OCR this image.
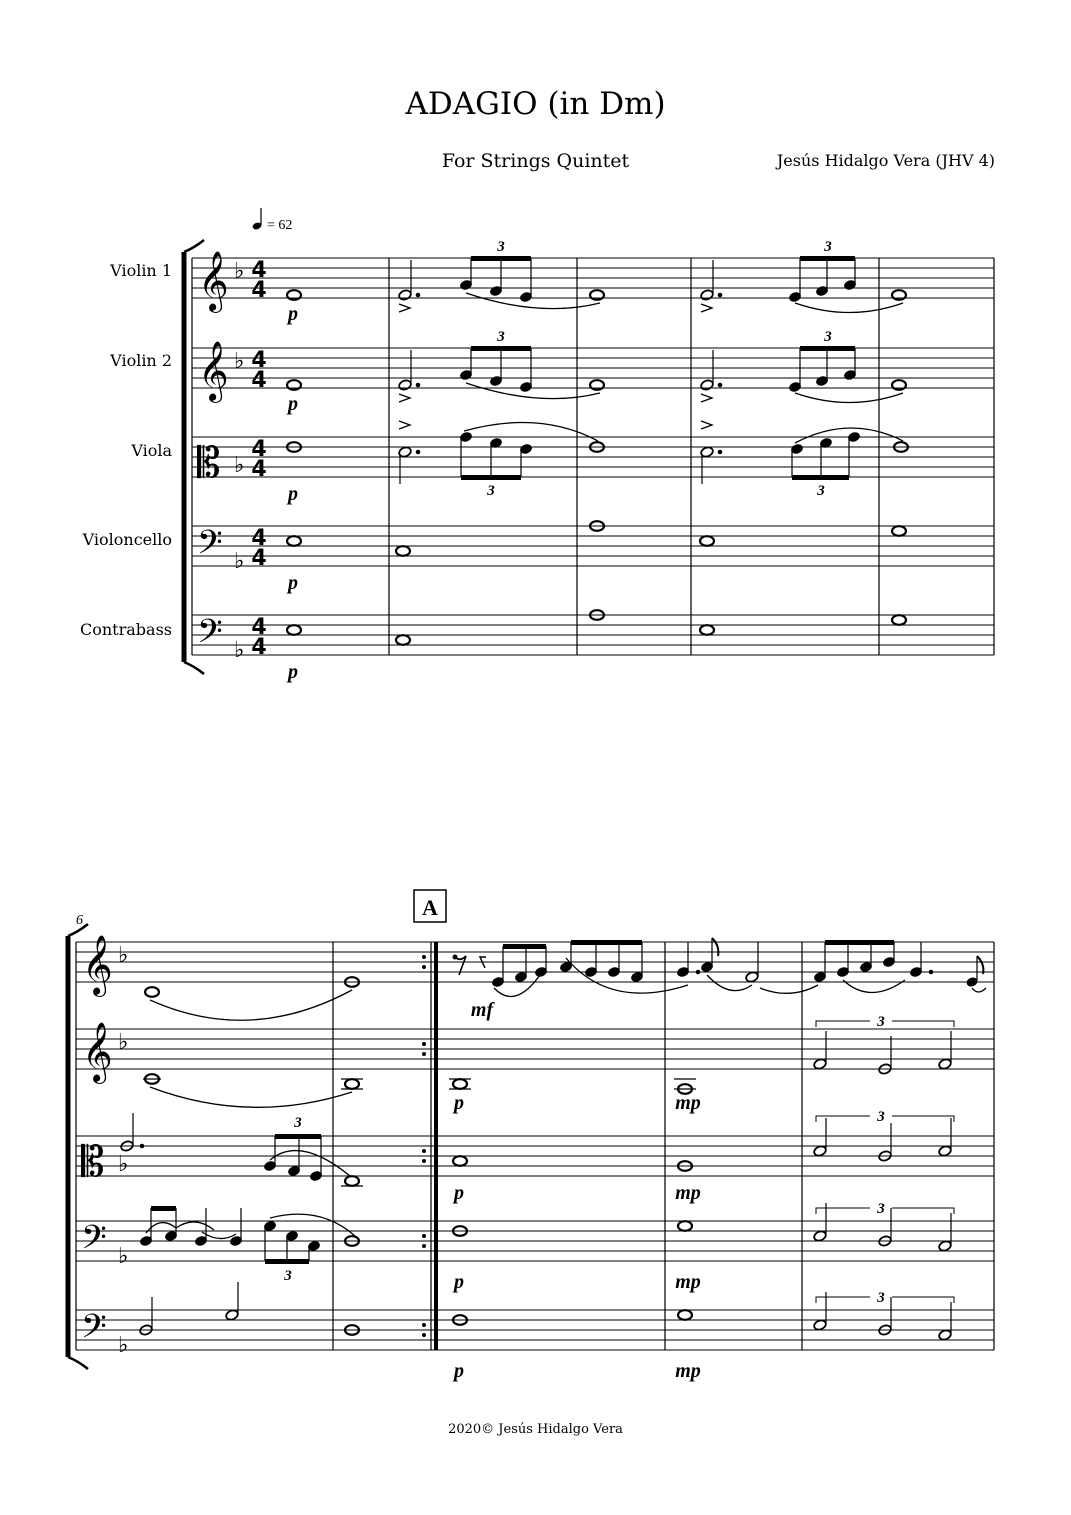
ADAGIO (in Dm)
For Strings Quintet	Jesús Hidalgo Vera (JHV 4)
Violin 1
Violin 2
Viola
Violoncello
Contrabass
A
6
= 62
𝄞
𝄞
𝄡
𝄢
𝄢
𝄞
𝄞
𝄡
𝄢
𝄢
♭
♭
♭
♭
♭
♭
♭
♭
♭
♭
4
4
4
4
4
4
4
4
4
4
3	3
3	3
3	3
p
p
p
p
p
3
3
3
3
3
3
mf
p
p
p
p
mp
mp
mp
mp
2020© Jesús Hidalgo Vera
